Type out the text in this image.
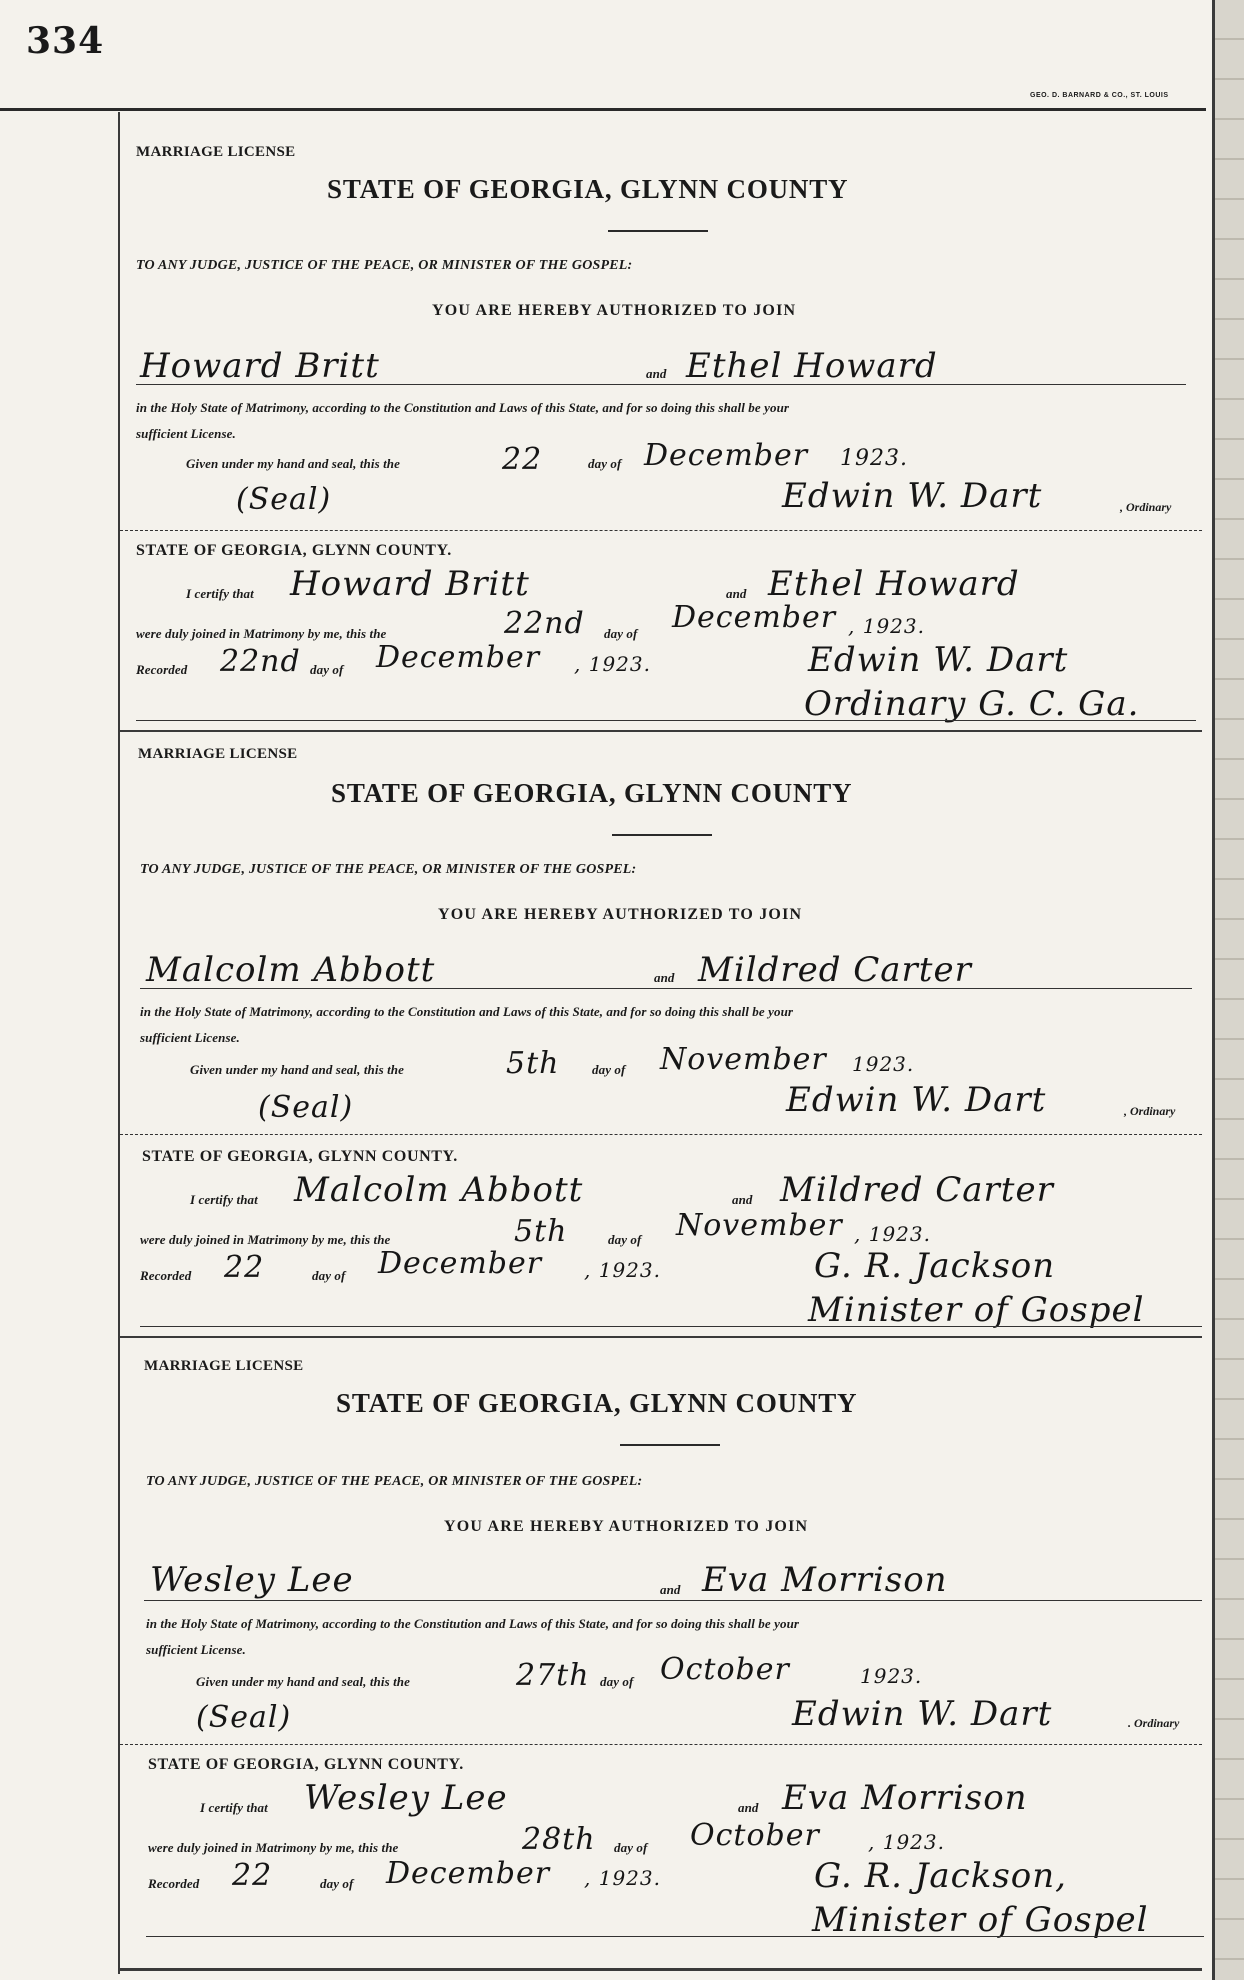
334
GEO. D. BARNARD & CO., ST. LOUIS
MARRIAGE LICENSE
STATE OF GEORGIA, GLYNN COUNTY
TO ANY JUDGE, JUSTICE OF THE PEACE, OR MINISTER OF THE GOSPEL:
YOU ARE HEREBY AUTHORIZED TO JOIN
Howard Britt	and Ethel Howard
in the Holy State of Matrimony, according to the Constitution and Laws of this State, and for so doing this shall be your
sufficient License.
Given under my hand and seal, this the	22	day of December 1923.
(Seal)	Edwin W. Dart	, Ordinary
STATE OF GEORGIA, GLYNN COUNTY.
I certify that Howard Britt	and Ethel Howard
were duly joined in Matrimony by me, this the	22nd day of December , 1923.
Recorded 22nd day of December , 1923.	Edwin W. Dart
Ordinary G. C. Ga.
MARRIAGE LICENSE
STATE OF GEORGIA, GLYNN COUNTY
TO ANY JUDGE, JUSTICE OF THE PEACE, OR MINISTER OF THE GOSPEL:
YOU ARE HEREBY AUTHORIZED TO JOIN
Malcolm Abbott	and Mildred Carter
in the Holy State of Matrimony, according to the Constitution and Laws of this State, and for so doing this shall be your
sufficient License.
Given under my hand and seal, this the	5th	day of November 1923.
(Seal)	Edwin W. Dart	, Ordinary
STATE OF GEORGIA, GLYNN COUNTY.
I certify that Malcolm Abbott	and Mildred Carter
were duly joined in Matrimony by me, this the	5th	day of November , 1923.
Recorded 22	day of December , 1923.	G. R. Jackson
Minister of Gospel
MARRIAGE LICENSE
STATE OF GEORGIA, GLYNN COUNTY
TO ANY JUDGE, JUSTICE OF THE PEACE, OR MINISTER OF THE GOSPEL:
YOU ARE HEREBY AUTHORIZED TO JOIN
Wesley Lee	and Eva Morrison
in the Holy State of Matrimony, according to the Constitution and Laws of this State, and for so doing this shall be your
sufficient License.
Given under my hand and seal, this the	27th day of October	1923.
(Seal)	Edwin W. Dart	. Ordinary
STATE OF GEORGIA, GLYNN COUNTY.
I certify that Wesley Lee	and Eva Morrison
were duly joined in Matrimony by me, this the	28th day of October , 1923.
Recorded 22	day of December , 1923.	G. R. Jackson,
Minister of Gospel
